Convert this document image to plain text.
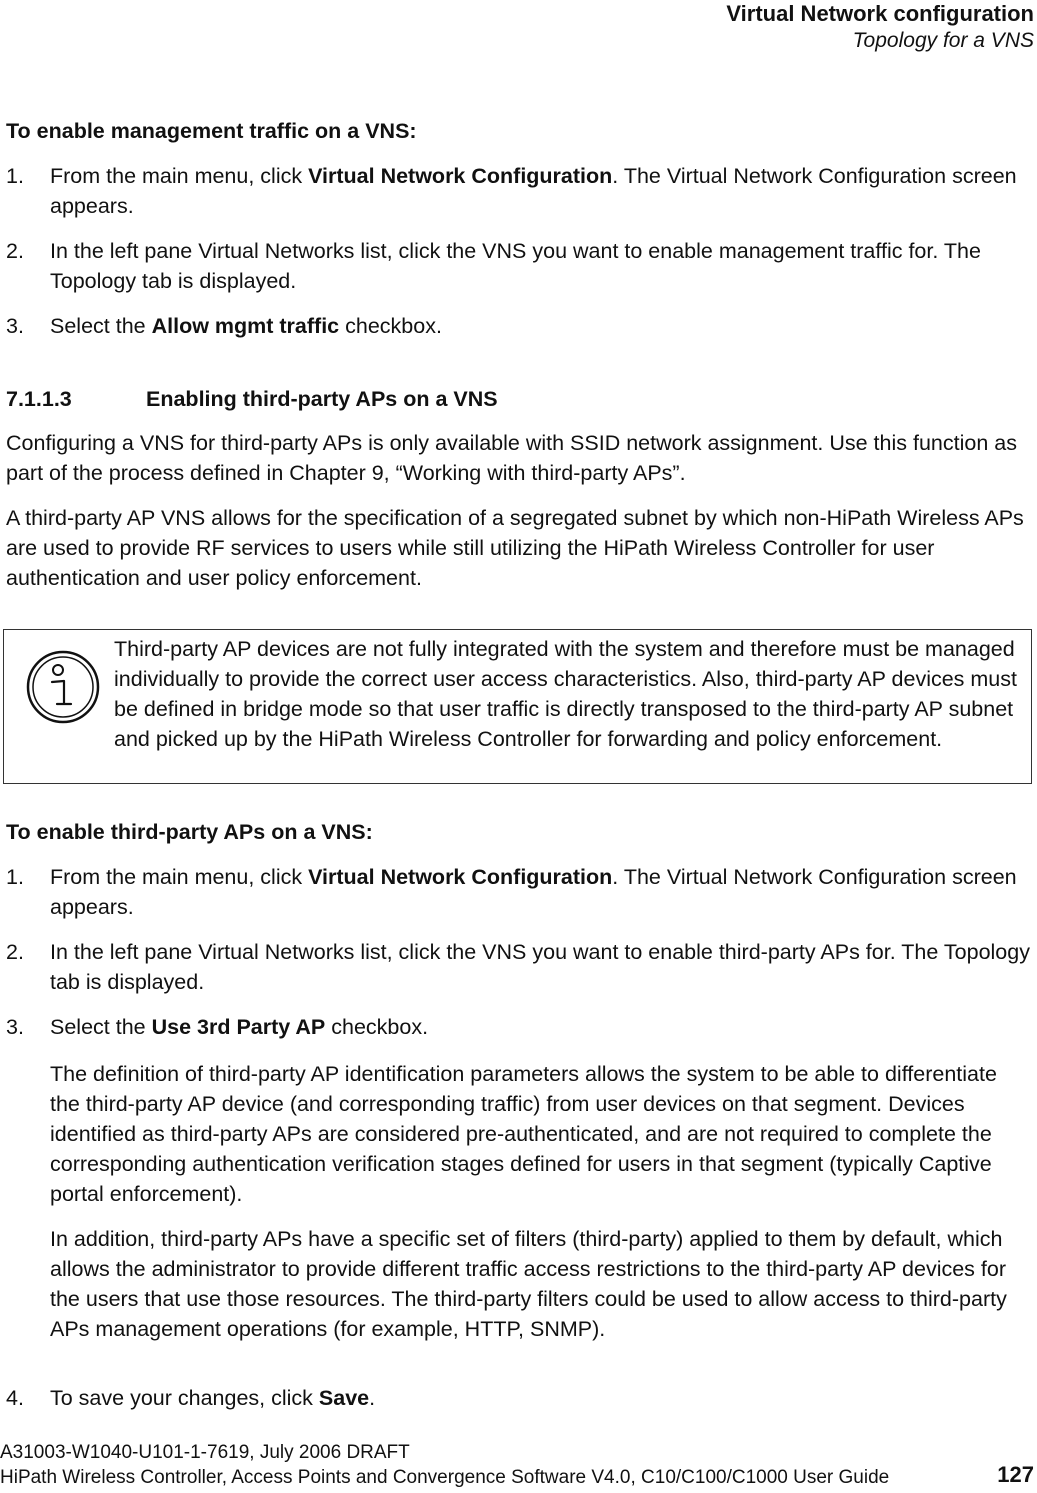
Virtual Network configuration
Topology for a VNS
To enable management traffic on a VNS:
1. From the main menu, click Virtual Network Configuration. The Virtual Network Configuration screen appears.
2. In the left pane Virtual Networks list, click the VNS you want to enable management traffic for. The Topology tab is displayed.
3. Select the Allow mgmt traffic checkbox.
7.1.1.3	Enabling third-party APs on a VNS
Configuring a VNS for third-party APs is only available with SSID network assignment. Use this function as part of the process defined in Chapter 9, “Working with third-party APs”.
A third-party AP VNS allows for the specification of a segregated subnet by which non-HiPath Wireless APs are used to provide RF services to users while still utilizing the HiPath Wireless Controller for user authentication and user policy enforcement.
Third-party AP devices are not fully integrated with the system and therefore must be managed individually to provide the correct user access characteristics. Also, third-party AP devices must be defined in bridge mode so that user traffic is directly transposed to the third-party AP subnet and picked up by the HiPath Wireless Controller for forwarding and policy enforcement.
To enable third-party APs on a VNS:
1. From the main menu, click Virtual Network Configuration. The Virtual Network Configuration screen appears.
2. In the left pane Virtual Networks list, click the VNS you want to enable third-party APs for. The Topology tab is displayed.
3. Select the Use 3rd Party AP checkbox.
The definition of third-party AP identification parameters allows the system to be able to differentiate the third-party AP device (and corresponding traffic) from user devices on that segment. Devices identified as third-party APs are considered pre-authenticated, and are not required to complete the corresponding authentication verification stages defined for users in that segment (typically Captive portal enforcement).
In addition, third-party APs have a specific set of filters (third-party) applied to them by default, which allows the administrator to provide different traffic access restrictions to the third-party AP devices for the users that use those resources. The third-party filters could be used to allow access to third-party APs management operations (for example, HTTP, SNMP).
4. To save your changes, click Save.
A31003-W1040-U101-1-7619, July 2006 DRAFT
HiPath Wireless Controller, Access Points and Convergence Software V4.0, C10/C100/C1000 User Guide	127
